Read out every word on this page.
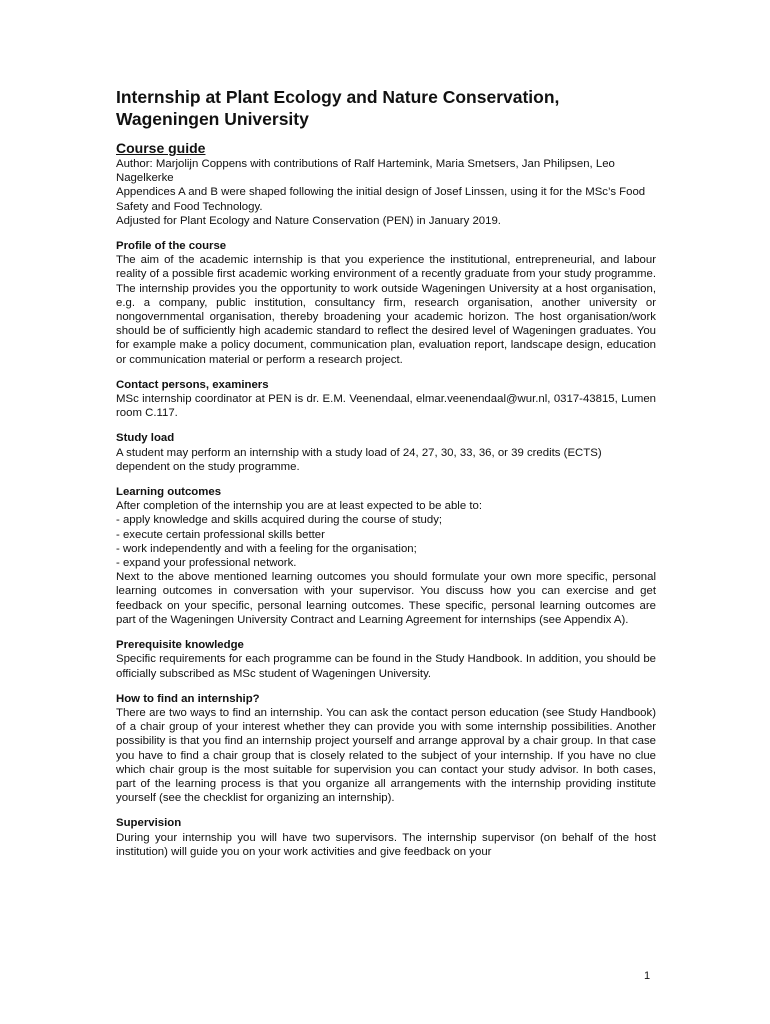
Internship at Plant Ecology and Nature Conservation,
Wageningen University
Course guide

Author: Marjolijn Coppens with contributions of Ralf Hartemink, Maria Smetsers, Jan Philipsen, Leo Nagelkerke

Appendices A and B were shaped following the initial design of Josef Linssen, using it for the MSc’s Food Safety and Food Technology.

Adjusted for Plant Ecology and Nature Conservation (PEN) in January 2019.

Profile of the course

The aim of the academic internship is that you experience the institutional, entrepreneurial, and labour reality of a possible first academic working environment of a recently graduate from your study programme. The internship provides you the opportunity to work outside Wageningen University at a host organisation, e.g. a company, public institution, consultancy firm, research organisation, another university or nongovernmental organisation, thereby broadening your academic horizon. The host organisation/work should be of sufficiently high academic standard to reflect the desired level of Wageningen graduates. You for example make a policy document, communication plan, evaluation report, landscape design, education or communication material or perform a research project.

Contact persons, examiners

MSc internship coordinator at PEN is dr. E.M. Veenendaal, elmar.veenendaal@wur.nl, 0317-43815, Lumen room C.117.

Study load

A student may perform an internship with a study load of 24, 27, 30, 33, 36, or 39 credits (ECTS) dependent on the study programme.

Learning outcomes

After completion of the internship you are at least expected to be able to:

- apply knowledge and skills acquired during the course of study;
- execute certain professional skills better
- work independently and with a feeling for the organisation;
- expand your professional network.

Next to the above mentioned learning outcomes you should formulate your own more specific, personal learning outcomes in conversation with your supervisor. You discuss how you can exercise and get feedback on your specific, personal learning outcomes. These specific, personal learning outcomes are part of the Wageningen University Contract and Learning Agreement for internships (see Appendix A).

Prerequisite knowledge

Specific requirements for each programme can be found in the Study Handbook. In addition, you should be officially subscribed as MSc student of Wageningen University.

How to find an internship?

There are two ways to find an internship. You can ask the contact person education (see Study Handbook) of a chair group of your interest whether they can provide you with some internship possibilities. Another possibility is that you find an internship project yourself and arrange approval by a chair group. In that case you have to find a chair group that is closely related to the subject of your internship. If you have no clue which chair group is the most suitable for supervision you can contact your study advisor. In both cases, part of the learning process is that you organize all arrangements with the internship providing institute yourself (see the checklist for organizing an internship).

Supervision

During your internship you will have two supervisors. The internship supervisor (on behalf of the host institution) will guide you on your work activities and give feedback on your

1
